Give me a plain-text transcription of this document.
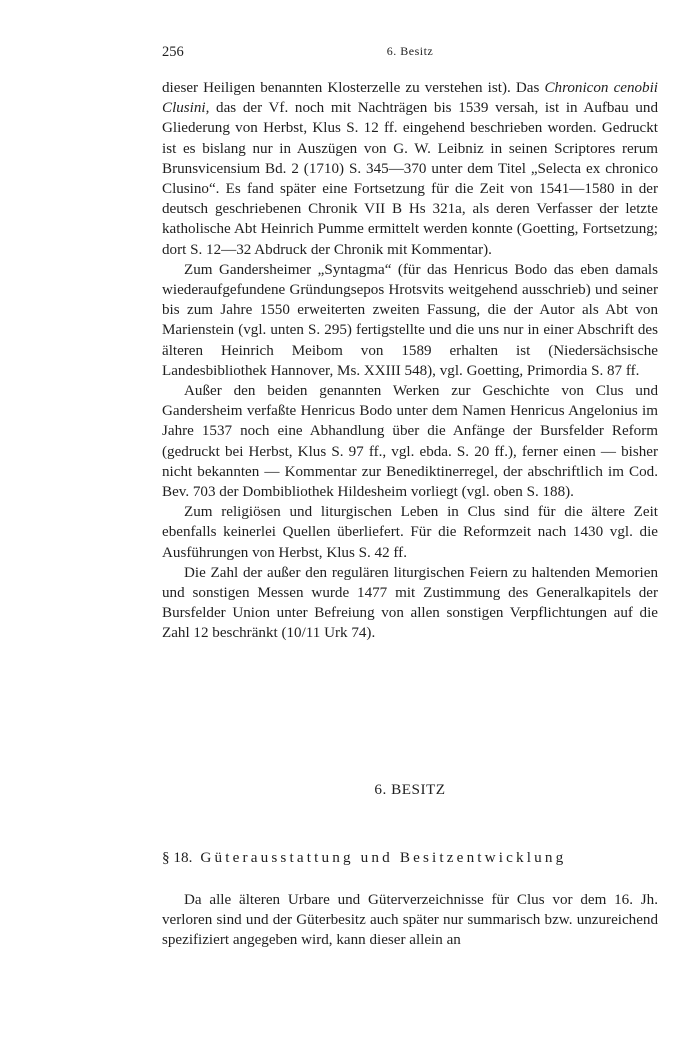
256	6. Besitz

dieser Heiligen benannten Klosterzelle zu verstehen ist). Das Chronicon cenobii Clusini, das der Vf. noch mit Nachträgen bis 1539 versah, ist in Aufbau und Gliederung von Herbst, Klus S. 12 ff. eingehend beschrieben worden. Gedruckt ist es bislang nur in Auszügen von G. W. Leibniz in seinen Scriptores rerum Brunsvicensium Bd. 2 (1710) S. 345—370 unter dem Titel „Selecta ex chronico Clusino“. Es fand später eine Fortsetzung für die Zeit von 1541—1580 in der deutsch geschriebenen Chronik VII B Hs 321a, als deren Verfasser der letzte katholische Abt Heinrich Pumme ermittelt werden konnte (Goetting, Fortsetzung; dort S. 12—32 Abdruck der Chronik mit Kommentar).

Zum Gandersheimer „Syntagma“ (für das Henricus Bodo das eben damals wiederaufgefundene Gründungsepos Hrotsvits weitgehend ausschrieb) und seiner bis zum Jahre 1550 erweiterten zweiten Fassung, die der Autor als Abt von Marienstein (vgl. unten S. 295) fertigstellte und die uns nur in einer Abschrift des älteren Heinrich Meibom von 1589 erhalten ist (Niedersächsische Landesbibliothek Hannover, Ms. XXIII 548), vgl. Goetting, Primordia S. 87 ff.

Außer den beiden genannten Werken zur Geschichte von Clus und Gandersheim verfaßte Henricus Bodo unter dem Namen Henricus Angelonius im Jahre 1537 noch eine Abhandlung über die Anfänge der Bursfelder Reform (gedruckt bei Herbst, Klus S. 97 ff., vgl. ebda. S. 20 ff.), ferner einen — bisher nicht bekannten — Kommentar zur Benediktinerregel, der abschriftlich im Cod. Bev. 703 der Dombibliothek Hildesheim vorliegt (vgl. oben S. 188).

Zum religiösen und liturgischen Leben in Clus sind für die ältere Zeit ebenfalls keinerlei Quellen überliefert. Für die Reformzeit nach 1430 vgl. die Ausführungen von Herbst, Klus S. 42 ff.

Die Zahl der außer den regulären liturgischen Feiern zu haltenden Memorien und sonstigen Messen wurde 1477 mit Zustimmung des Generalkapitels der Bursfelder Union unter Befreiung von allen sonstigen Verpflichtungen auf die Zahl 12 beschränkt (10/11 Urk 74).

6. BESITZ
§ 18. Güterausstattung und Besitzentwicklung

Da alle älteren Urbare und Güterverzeichnisse für Clus vor dem 16. Jh. verloren sind und der Güterbesitz auch später nur summarisch bzw. unzureichend spezifiziert angegeben wird, kann dieser allein an
